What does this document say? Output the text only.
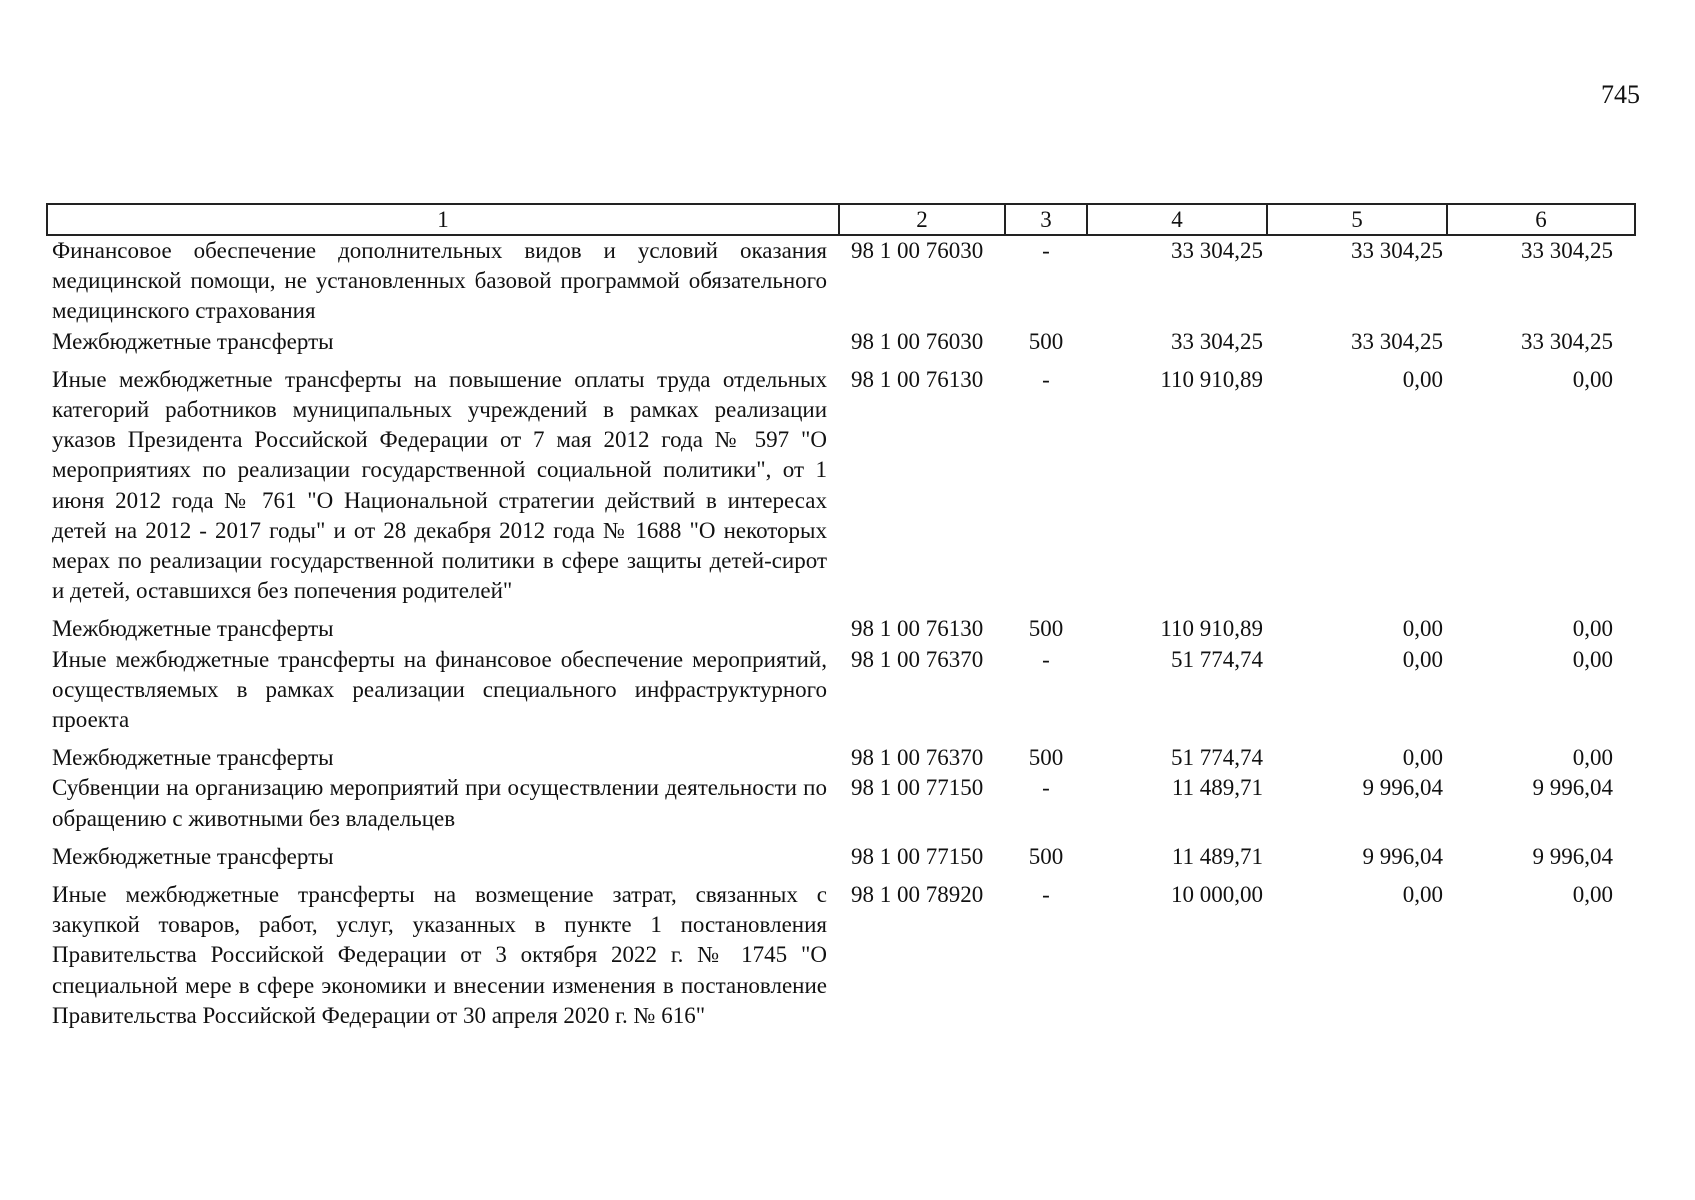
745
1	2	3	4	5	6
Финансовое обеспечение дополнительных видов и условий оказания медицинской помощи, не установленных базовой программой обязательного медицинского страхования	98 1 00 76030	-	33 304,25	33 304,25	33 304,25
Межбюджетные трансферты	98 1 00 76030	500	33 304,25	33 304,25	33 304,25
Иные межбюджетные трансферты на повышение оплаты труда отдельных категорий работников муниципальных учреждений в рамках реализации указов Президента Российской Федерации от 7 мая 2012 года № 597 "О мероприятиях по реализации государственной социальной политики", от 1 июня 2012 года № 761 "О Национальной стратегии действий в интересах детей на 2012 - 2017 годы" и от 28 декабря 2012 года № 1688 "О некоторых мерах по реализации государственной политики в сфере защиты детей-сирот и детей, оставшихся без попечения родителей"	98 1 00 76130	-	110 910,89	0,00	0,00
Межбюджетные трансферты	98 1 00 76130	500	110 910,89	0,00	0,00
Иные межбюджетные трансферты на финансовое обеспечение мероприятий, осуществляемых в рамках реализации специального инфраструктурного проекта	98 1 00 76370	-	51 774,74	0,00	0,00
Межбюджетные трансферты	98 1 00 76370	500	51 774,74	0,00	0,00
Субвенции на организацию мероприятий при осуществлении деятельности по обращению с животными без владельцев	98 1 00 77150	-	11 489,71	9 996,04	9 996,04
Межбюджетные трансферты	98 1 00 77150	500	11 489,71	9 996,04	9 996,04
Иные межбюджетные трансферты на возмещение затрат, связанных с закупкой товаров, работ, услуг, указанных в пункте 1 постановления Правительства Российской Федерации от 3 октября 2022 г. № 1745 "О специальной мере в сфере экономики и внесении изменения в постановление Правительства Российской Федерации от 30 апреля 2020 г. № 616"	98 1 00 78920	-	10 000,00	0,00	0,00
